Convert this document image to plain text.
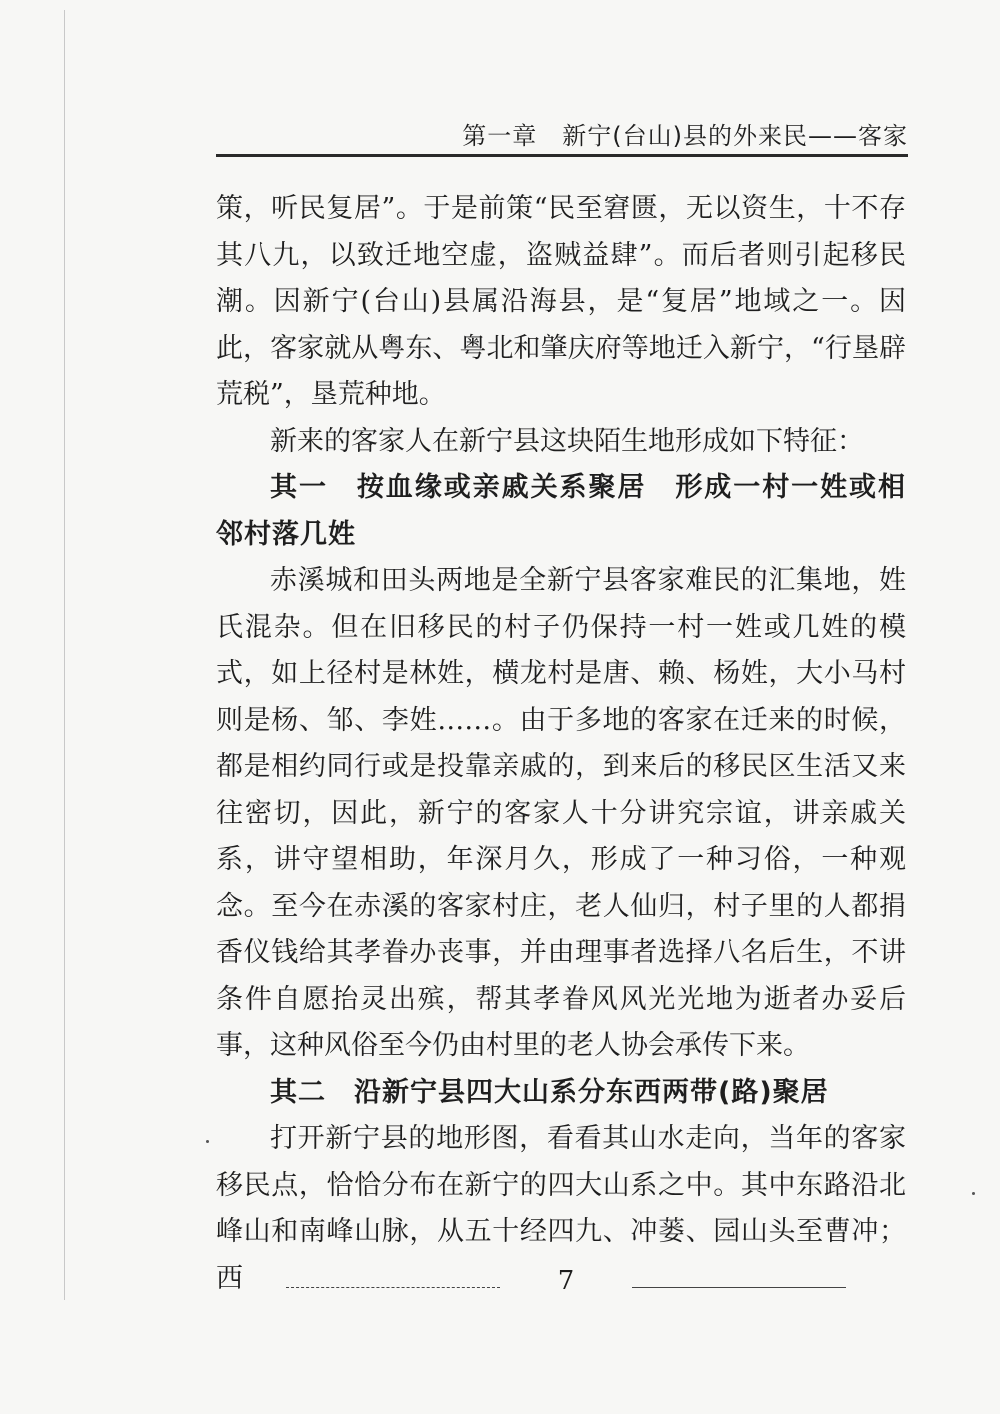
第一章　新宁(台山)县的外来民——客家

策，听民复居”。于是前策“民至窘匮，无以资生，十不存其八九，以致迁地空虚，盗贼益肆”。而后者则引起移民潮。因新宁(台山)县属沿海县，是“复居”地域之一。因此，客家就从粤东、粤北和肇庆府等地迁入新宁，“行垦辟荒税”，垦荒种地。

新来的客家人在新宁县这块陌生地形成如下特征：

其一　按血缘或亲戚关系聚居　形成一村一姓或相邻村落几姓

赤溪城和田头两地是全新宁县客家难民的汇集地，姓氏混杂。但在旧移民的村子仍保持一村一姓或几姓的模式，如上径村是林姓，横龙村是唐、赖、杨姓，大小马村则是杨、邹、李姓……。由于多地的客家在迁来的时候，都是相约同行或是投靠亲戚的，到来后的移民区生活又来往密切，因此，新宁的客家人十分讲究宗谊，讲亲戚关系，讲守望相助，年深月久，形成了一种习俗，一种观念。至今在赤溪的客家村庄，老人仙归，村子里的人都捐香仪钱给其孝眷办丧事，并由理事者选择八名后生，不讲条件自愿抬灵出殡，帮其孝眷风风光光地为逝者办妥后事，这种风俗至今仍由村里的老人协会承传下来。

其二　沿新宁县四大山系分东西两带(路)聚居

打开新宁县的地形图，看看其山水走向，当年的客家移民点，恰恰分布在新宁的四大山系之中。其中东路沿北峰山和南峰山脉，从五十经四九、冲蒌、园山头至曹冲；西	7
